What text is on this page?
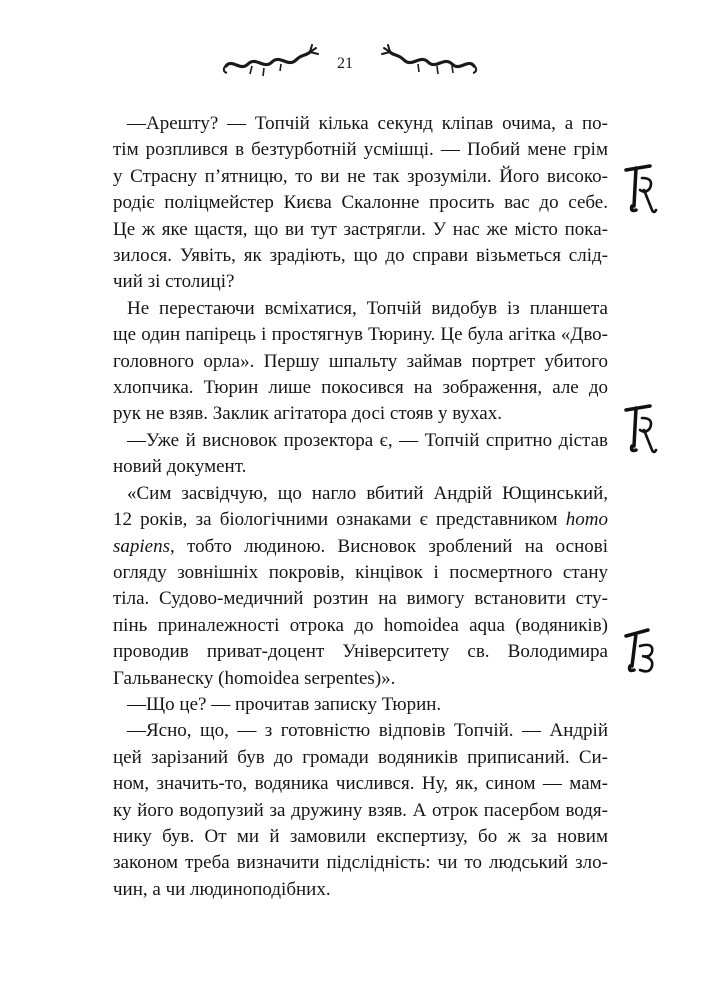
21

—Арешту? — Топчій кілька секунд кліпав очима, а по-
тім розплився в безтурботній усмішці. — Побий мене грім
у Страсну п’ятницю, то ви не так зрозуміли. Його високо-
родіє поліцмейстер Києва Скалонне просить вас до себе.
Це ж яке щастя, що ви тут застрягли. У нас же місто пока-
зилося. Уявіть, як зрадіють, що до справи візьметься слід-
чий зі столиці?

Не перестаючи всміхатися, Топчій видобув із планшета
ще один папірець і простягнув Тюрину. Це була агітка «Дво-
головного орла». Першу шпальту займав портрет убитого
хлопчика. Тюрин лише покосився на зображення, але до
рук не взяв. Заклик агітатора досі стояв у вухах.

—Уже й висновок прозектора є, — Топчій спритно дістав
новий документ.

«Сим засвідчую, що нагло вбитий Андрій Ющинський,
12 років, за біологічними ознаками є представником homo
sapiens, тобто людиною. Висновок зроблений на основі
огляду зовнішніх покровів, кінцівок і посмертного стану
тіла. Судово-медичний розтин на вимогу встановити сту-
пінь приналежності отрока до homoidea aqua (водяників)
проводив приват-доцент Університету св. Володимира
Гальванеску (homoidea serpentes)».

—Що це? — прочитав записку Тюрин.

—Ясно, що, — з готовністю відповів Топчій. — Андрій
цей зарізаний був до громади водяників приписаний. Си-
ном, значить-то, водяника числився. Ну, як, сином — мам-
ку його водопузий за дружину взяв. А отрок пасербом водя-
нику був. От ми й замовили експертизу, бо ж за новим
законом треба визначити підслідність: чи то людський зло-
чин, а чи людиноподібних.
